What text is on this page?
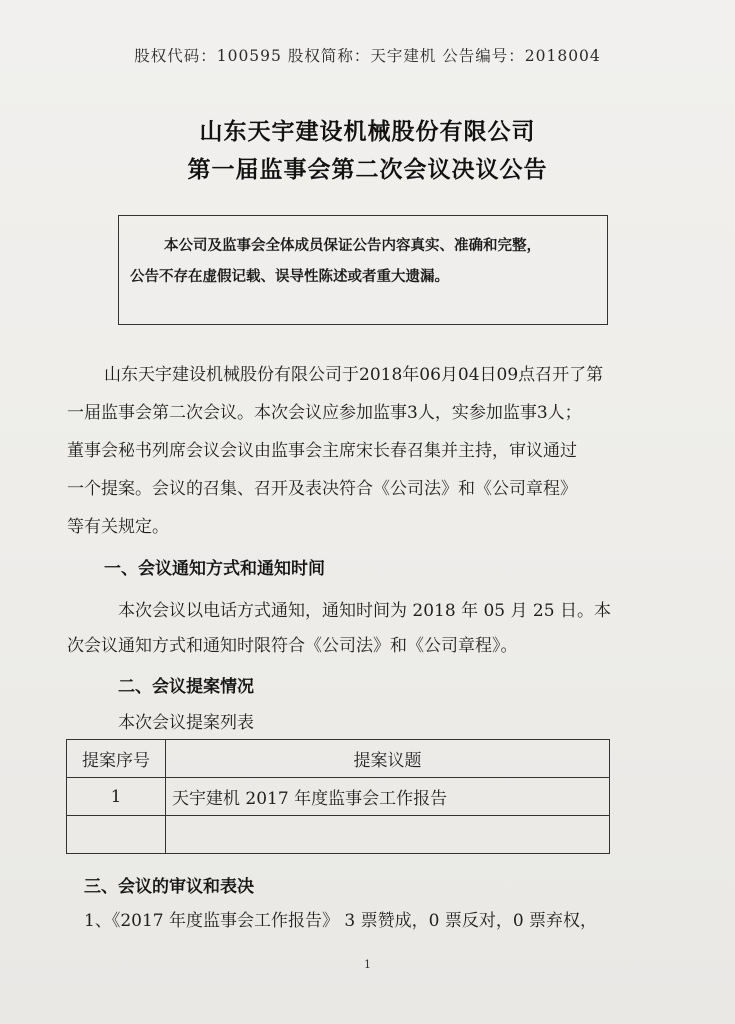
股权代码：100595 股权简称：天宇建机 公告编号：2018004
山东天宇建设机械股份有限公司
第一届监事会第二次会议决议公告
本公司及监事会全体成员保证公告内容真实、准确和完整，
公告不存在虚假记载、误导性陈述或者重大遗漏。
山东天宇建设机械股份有限公司于2018年06月04日09点召开了第
一届监事会第二次会议。本次会议应参加监事3人，实参加监事3人；
董事会秘书列席会议会议由监事会主席宋长春召集并主持，审议通过
一个提案。会议的召集、召开及表决符合《公司法》和《公司章程》
等有关规定。
一、会议通知方式和通知时间
本次会议以电话方式通知，通知时间为 2018 年 05 月 25 日。本
次会议通知方式和通知时限符合《公司法》和《公司章程》。
二、会议提案情况
本次会议提案列表
提案序号	提案议题
1	天宇建机 2017 年度监事会工作报告

三、会议的审议和表决
1、《2017 年度监事会工作报告》 3 票赞成，0 票反对，0 票弃权，
1
